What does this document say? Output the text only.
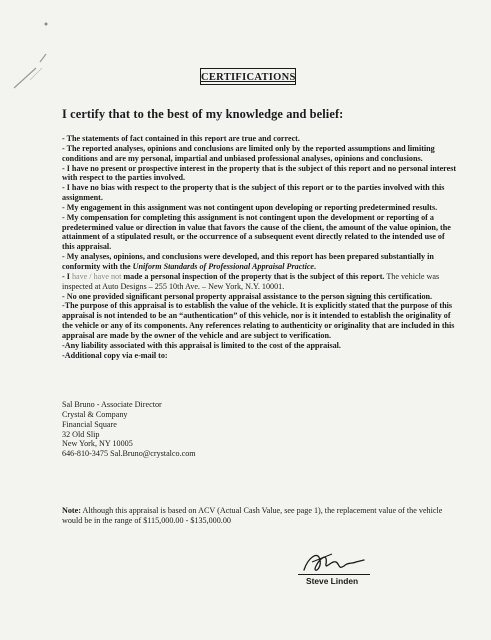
CERTIFICATIONS
I certify that to the best of my knowledge and belief:

- The statements of fact contained in this report are true and correct.

- The reported analyses, opinions and conclusions are limited only by the reported assumptions and limiting conditions and are my personal, impartial and unbiased professional analyses, opinions and conclusions.

- I have no present or prospective interest in the property that is the subject of this report and no personal interest with respect to the parties involved.

- I have no bias with respect to the property that is the subject of this report or to the parties involved with this assignment.

- My engagement in this assignment was not contingent upon developing or reporting predetermined results.

- My compensation for completing this assignment is not contingent upon the development or reporting of a predetermined value or direction in value that favors the cause of the client, the amount of the value opinion, the attainment of a stipulated result, or the occurrence of a subsequent event directly related to the intended use of this appraisal.

- My analyses, opinions, and conclusions were developed, and this report has been prepared substantially in conformity with the Uniform Standards of Professional Appraisal Practice.

- I have / have not made a personal inspection of the property that is the subject of this report. The vehicle was inspected at Auto Designs – 255 10th Ave. – New York, N.Y. 10001.

- No one provided significant personal property appraisal assistance to the person signing this certification.

-The purpose of this appraisal is to establish the value of the vehicle. It is explicitly stated that the purpose of this appraisal is not intended to be an “authentication” of this vehicle, nor is it intended to establish the originality of the vehicle or any of its components. Any references relating to authenticity or originality that are included in this appraisal are made by the owner of the vehicle and are subject to verification.

-Any liability associated with this appraisal is limited to the cost of the appraisal.

-Additional copy via e-mail to:

Sal Bruno - Associate Director

Crystal & Company

Financial Square

32 Old Slip

New York, NY 10005

646-810-3475 Sal.Bruno@crystalco.com

Note: Although this appraisal is based on ACV (Actual Cash Value, see page 1), the replacement value of the vehicle would be in the range of $115,000.00 - $135,000.00
Steve Linden
